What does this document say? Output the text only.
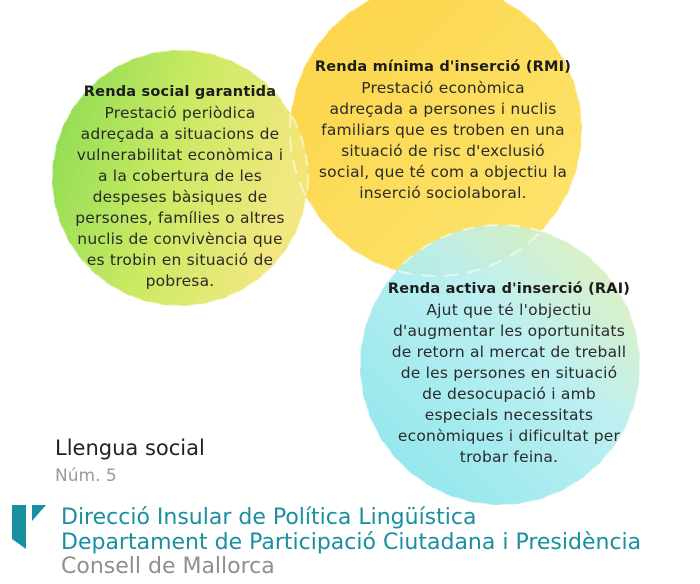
Renda social garantida
Prestació periòdica
adreçada a situacions de
vulnerabilitat econòmica i
a la cobertura de les
despeses bàsiques de
persones, famílies o altres
nuclis de convivència que
es trobin en situació de
pobresa.
Renda mínima d'inserció (RMI)
Prestació econòmica
adreçada a persones i nuclis
familiars que es troben en una
situació de risc d'exclusió
social, que té com a objectiu la
inserció sociolaboral.
Renda activa d'inserció (RAI)
Ajut que té l'objectiu
d'augmentar les oportunitats
de retorn al mercat de treball
de les persones en situació
de desocupació i amb
especials necessitats
econòmiques i dificultat per
trobar feina.
Llengua social
Núm. 5
Direcció Insular de Política Lingüística
Departament de Participació Ciutadana i Presidència
Consell de Mallorca
